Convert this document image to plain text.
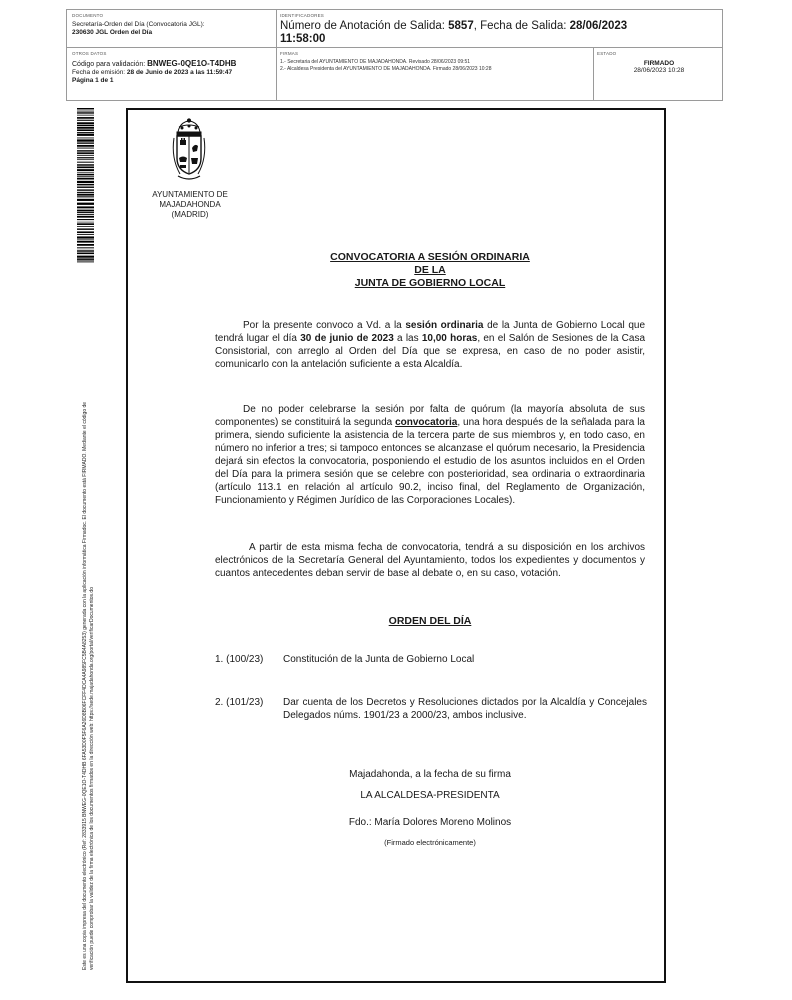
DOCUMENTO
Secretaría-Orden del Día (Convocatoria JGL):
230630 JGL Orden del Día
IDENTIFICADORES
Número de Anotación de Salida: 5857, Fecha de Salida: 28/06/2023
11:58:00
OTROS DATOS
Código para validación: BNWEG-0QE1O-T4DHB
Fecha de emisión: 28 de Junio de 2023 a las 11:59:47
Página 1 de 1
FIRMAS
1.- Secretaria del AYUNTAMIENTO DE MAJADAHONDA. Revisado 28/06/2023 09:51
2.- Alcaldesa Presidenta del AYUNTAMIENTO DE MAJADAHONDA. Firmado 28/06/2023 10:28
ESTADO
FIRMADO
28/06/2023 10:28
Este es una copia impresa del documento electrónico (Ref: 2833915 BNWEG-0QE1O-T4DHB 6FA53D0F5F6A26D8B06FCFF4DCA4A985FC5B4A8253) generada con la aplicación informática Firmadoc. El documento está FIRMADO. Mediante el código de verificación puede comprobar la validez de la firma electrónica de los documentos firmados en la dirección web: https://sede.majadahonda.org/portal/verificarDocumentos.do
AYUNTAMIENTO DE
MAJADAHONDA
(MADRID)
CONVOCATORIA A SESIÓN ORDINARIA
DE LA
JUNTA DE GOBIERNO LOCAL
Por la presente convoco a Vd. a la sesión ordinaria de la Junta de Gobierno Local que tendrá lugar el día 30 de junio de 2023 a las 10,00 horas, en el Salón de Sesiones de la Casa Consistorial, con arreglo al Orden del Día que se expresa, en caso de no poder asistir, comunicarlo con la antelación suficiente a esta Alcaldía.
De no poder celebrarse la sesión por falta de quórum (la mayoría absoluta de sus componentes) se constituirá la segunda convocatoria, una hora después de la señalada para la primera, siendo suficiente la asistencia de la tercera parte de sus miembros y, en todo caso, en número no inferior a tres; si tampoco entonces se alcanzase el quórum necesario, la Presidencia dejará sin efectos la convocatoria, posponiendo el estudio de los asuntos incluidos en el Orden del Día para la primera sesión que se celebre con posterioridad, sea ordinaria o extraordinaria (artículo 113.1 en relación al artículo 90.2, inciso final, del Reglamento de Organización, Funcionamiento y Régimen Jurídico de las Corporaciones Locales).
A partir de esta misma fecha de convocatoria, tendrá a su disposición en los archivos electrónicos de la Secretaría General del Ayuntamiento, todos los expedientes y documentos y cuantos antecedentes deban servir de base al debate o, en su caso, votación.
ORDEN DEL DÍA
1. (100/23)	Constitución de la Junta de Gobierno Local
2. (101/23)	Dar cuenta de los Decretos y Resoluciones dictados por la Alcaldía y Concejales Delegados núms. 1901/23 a 2000/23, ambos inclusive.
Majadahonda, a la fecha de su firma
LA ALCALDESA-PRESIDENTA
Fdo.: María Dolores Moreno Molinos
(Firmado electrónicamente)
